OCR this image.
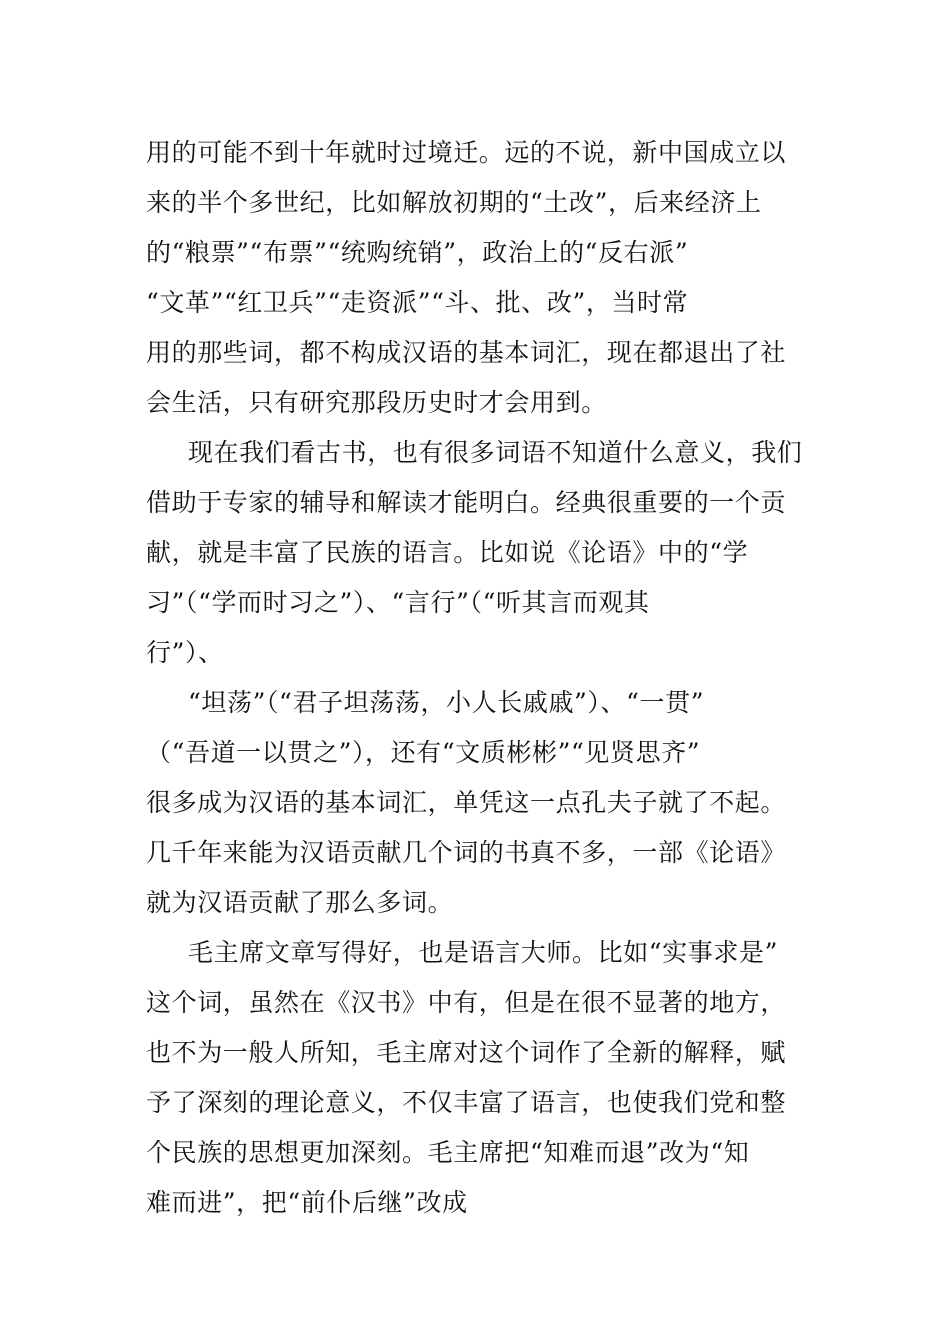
用的可能不到十年就时过境迁。远的不说，新中国成立以
来的半个多世纪，比如解放初期的“土改”，后来经济上
的“粮票”“布票”“统购统销”，政治上的“反右派”
“文革”“红卫兵”“走资派”“斗、批、改”，当时常
用的那些词，都不构成汉语的基本词汇，现在都退出了社
会生活，只有研究那段历史时才会用到。
现在我们看古书，也有很多词语不知道什么意义，我们
借助于专家的辅导和解读才能明白。经典很重要的一个贡
献，就是丰富了民族的语言。比如说《论语》中的“学
习”（“学而时习之”）、“言行”（“听其言而观其
行”）、
“坦荡”（“君子坦荡荡，小人长戚戚”）、“一贯”
（“吾道一以贯之”），还有“文质彬彬”“见贤思齐”
很多成为汉语的基本词汇，单凭这一点孔夫子就了不起。
几千年来能为汉语贡献几个词的书真不多，一部《论语》
就为汉语贡献了那么多词。
毛主席文章写得好，也是语言大师。比如“实事求是”
这个词，虽然在《汉书》中有，但是在很不显著的地方，
也不为一般人所知，毛主席对这个词作了全新的解释，赋
予了深刻的理论意义，不仅丰富了语言，也使我们党和整
个民族的思想更加深刻。毛主席把“知难而退”改为“知
难而进”，把“前仆后继”改成
